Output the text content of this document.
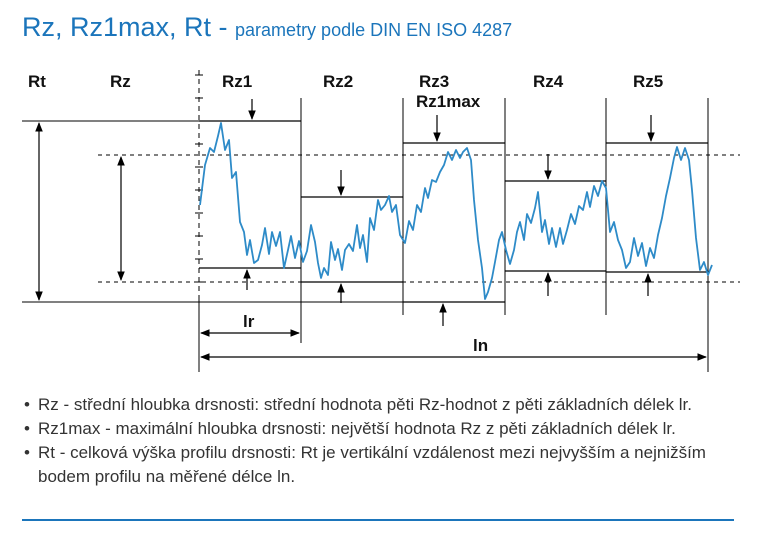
Rz, Rz1max, Rt - parametry podle DIN EN ISO 4287
Rt	Rz	Rz1	Rz2	Rz3
Rz1max
Rz4	Rz5
lr
ln
• Rz - střední hloubka drsnosti: střední hodnota pěti Rz-hodnot z pěti základních délek lr.
• Rz1max - maximální hloubka drsnosti: největší hodnota Rz z pěti základních délek lr.
• Rt - celková výška profilu drsnosti: Rt je vertikální vzdálenost mezi nejvyšším a nejnižším bodem profilu na měřené délce ln.
